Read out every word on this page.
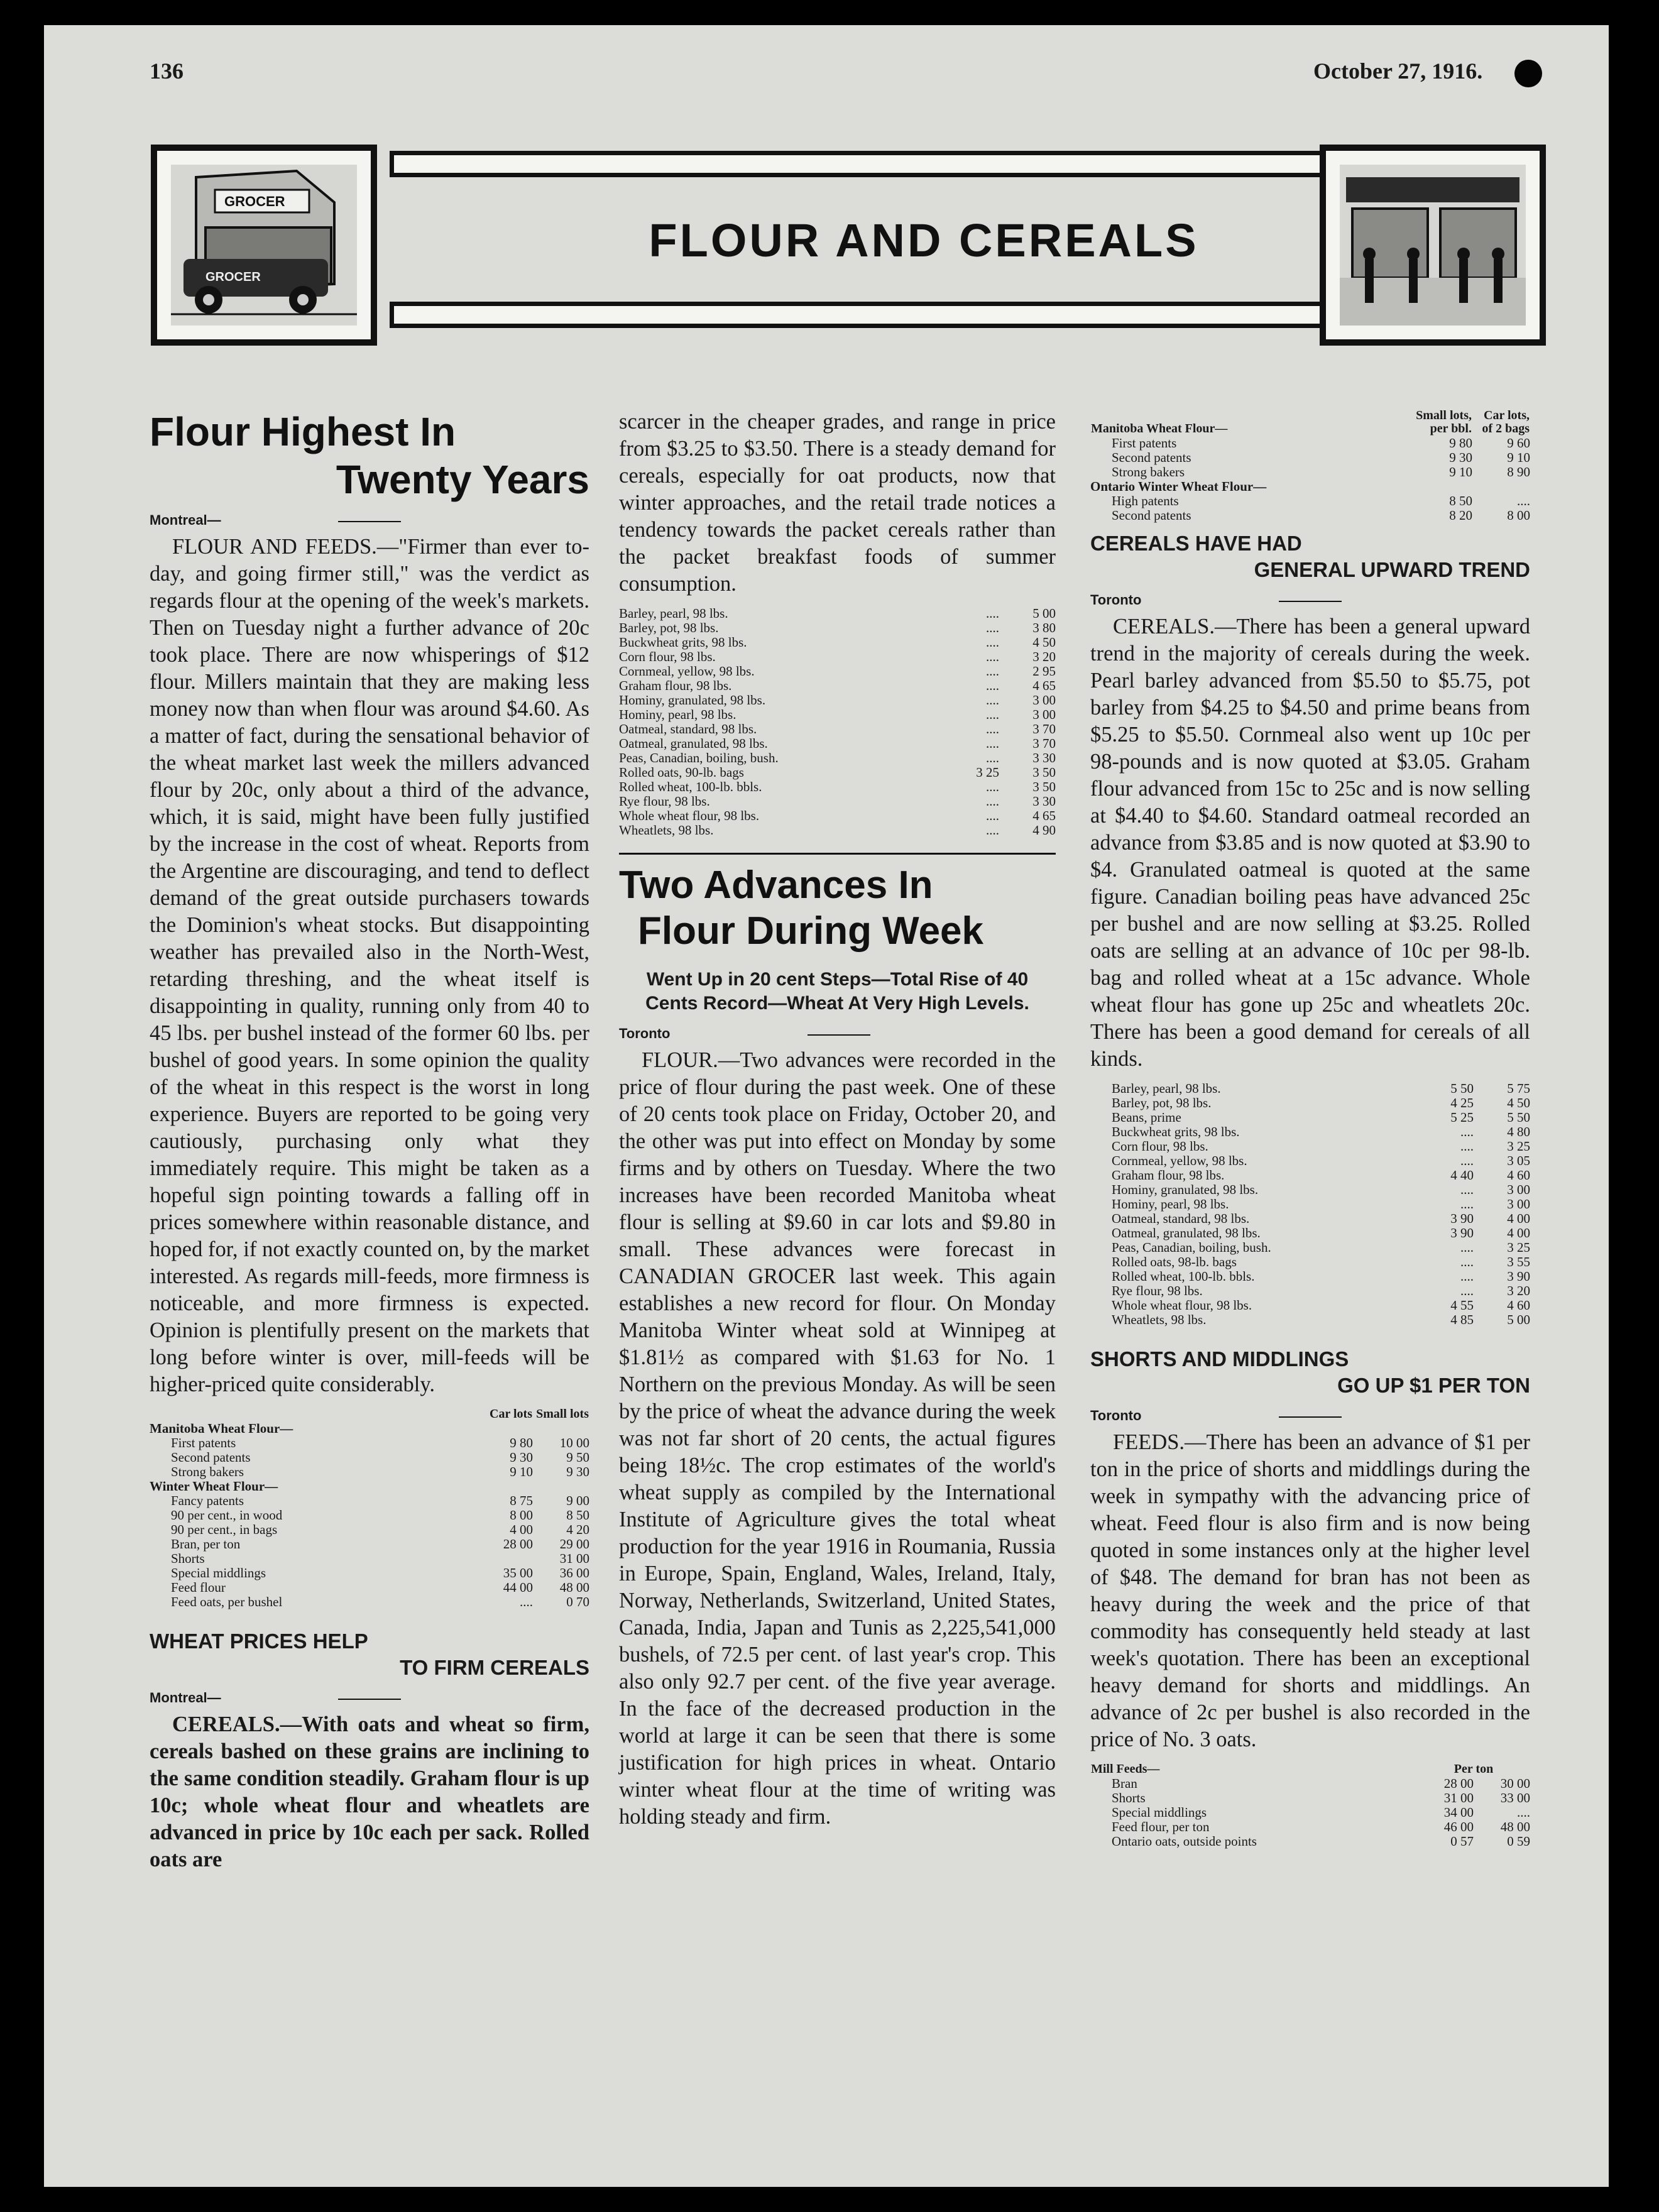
136	October 27, 1916.
GROCER
GROCER
FLOUR AND CEREALS
Flour Highest In

Twenty Years
Montreal—

FLOUR AND FEEDS.—"Firmer than ever to-day, and going firmer still," was the verdict as regards flour at the opening of the week's markets. Then on Tuesday night a further advance of 20c took place. There are now whisperings of $12 flour. Millers maintain that they are making less money now than when flour was around $4.60. As a matter of fact, during the sensational behavior of the wheat market last week the millers advanced flour by 20c, only about a third of the advance, which, it is said, might have been fully justified by the increase in the cost of wheat. Reports from the Argentine are discouraging, and tend to deflect demand of the great outside purchasers towards the Dominion's wheat stocks. But disappointing weather has prevailed also in the North-West, retarding threshing, and the wheat itself is disappointing in quality, running only from 40 to 45 lbs. per bushel instead of the former 60 lbs. per bushel of good years. In some opinion the quality of the wheat in this respect is the worst in long experience. Buyers are reported to be going very cautiously, purchasing only what they immediately require. This might be taken as a hopeful sign pointing towards a falling off in prices somewhere within reasonable distance, and hoped for, if not exactly counted on, by the market interested. As regards mill-feeds, more firmness is noticeable, and more firmness is expected. Opinion is plentifully present on the markets that long before winter is over, mill-feeds will be higher-priced quite considerably.

	Car lots	Small lots
Manitoba Wheat Flour—		
First patents	9 80	10 00
Second patents	9 30	9 50
Strong bakers	9 10	9 30
Winter Wheat Flour—		
Fancy patents	8 75	9 00
90 per cent., in wood	8 00	8 50
90 per cent., in bags	4 00	4 20
Bran, per ton	28 00	29 00
Shorts		31 00
Special middlings	35 00	36 00
Feed flour	44 00	48 00
Feed oats, per bushel	....	0 70
WHEAT PRICES HELP
TO FIRM CEREALS
Montreal—

CEREALS.—With oats and wheat so firm, cereals bashed on these grains are inclining to the same condition steadily. Graham flour is up 10c; whole wheat flour and wheatlets are advanced in price by 10c each per sack. Rolled oats are

scarcer in the cheaper grades, and range in price from $3.25 to $3.50. There is a steady demand for cereals, especially for oat products, now that winter approaches, and the retail trade notices a tendency towards the packet cereals rather than the packet breakfast foods of summer consumption.

Barley, pearl, 98 lbs.	....	5 00
Barley, pot, 98 lbs.	....	3 80
Buckwheat grits, 98 lbs.	....	4 50
Corn flour, 98 lbs.	....	3 20
Cornmeal, yellow, 98 lbs.	....	2 95
Graham flour, 98 lbs.	....	4 65
Hominy, granulated, 98 lbs.	....	3 00
Hominy, pearl, 98 lbs.	....	3 00
Oatmeal, standard, 98 lbs.	....	3 70
Oatmeal, granulated, 98 lbs.	....	3 70
Peas, Canadian, boiling, bush.	....	3 30
Rolled oats, 90-lb. bags	3 25	3 50
Rolled wheat, 100-lb. bbls.	....	3 50
Rye flour, 98 lbs.	....	3 30
Whole wheat flour, 98 lbs.	....	4 65
Wheatlets, 98 lbs.	....	4 90
Two Advances In
Flour During Week
Went Up in 20 cent Steps—Total Rise of 40 Cents Record—Wheat At Very High Levels.
Toronto

FLOUR.—Two advances were recorded in the price of flour during the past week. One of these of 20 cents took place on Friday, October 20, and the other was put into effect on Monday by some firms and by others on Tuesday. Where the two increases have been recorded Manitoba wheat flour is selling at $9.60 in car lots and $9.80 in small. These advances were forecast in CANADIAN GROCER last week. This again establishes a new record for flour. On Monday Manitoba Winter wheat sold at Winnipeg at $1.81½ as compared with $1.63 for No. 1 Northern on the previous Monday. As will be seen by the price of wheat the advance during the week was not far short of 20 cents, the actual figures being 18½c. The crop estimates of the world's wheat supply as compiled by the International Institute of Agriculture gives the total wheat production for the year 1916 in Roumania, Russia in Europe, Spain, England, Wales, Ireland, Italy, Norway, Netherlands, Switzerland, United States, Canada, India, Japan and Tunis as 2,225,541,000 bushels, of 72.5 per cent. of last year's crop. This also only 92.7 per cent. of the five year average. In the face of the decreased production in the world at large it can be seen that there is some justification for high prices in wheat. Ontario winter wheat flour at the time of writing was holding steady and firm.

Manitoba Wheat Flour—	Small lots, per bbl.	Car lots, of 2 bags
First patents	9 80	9 60
Second patents	9 30	9 10
Strong bakers	9 10	8 90
Ontario Winter Wheat Flour—		
High patents	8 50	....
Second patents	8 20	8 00
CEREALS HAVE HAD
GENERAL UPWARD TREND
Toronto

CEREALS.—There has been a general upward trend in the majority of cereals during the week. Pearl barley advanced from $5.50 to $5.75, pot barley from $4.25 to $4.50 and prime beans from $5.25 to $5.50. Cornmeal also went up 10c per 98-pounds and is now quoted at $3.05. Graham flour advanced from 15c to 25c and is now selling at $4.40 to $4.60. Standard oatmeal recorded an advance from $3.85 and is now quoted at $3.90 to $4. Granulated oatmeal is quoted at the same figure. Canadian boiling peas have advanced 25c per bushel and are now selling at $3.25. Rolled oats are selling at an advance of 10c per 98-lb. bag and rolled wheat at a 15c advance. Whole wheat flour has gone up 25c and wheatlets 20c. There has been a good demand for cereals of all kinds.

Barley, pearl, 98 lbs.	5 50	5 75
Barley, pot, 98 lbs.	4 25	4 50
Beans, prime	5 25	5 50
Buckwheat grits, 98 lbs.	....	4 80
Corn flour, 98 lbs.	....	3 25
Cornmeal, yellow, 98 lbs.	....	3 05
Graham flour, 98 lbs.	4 40	4 60
Hominy, granulated, 98 lbs.	....	3 00
Hominy, pearl, 98 lbs.	....	3 00
Oatmeal, standard, 98 lbs.	3 90	4 00
Oatmeal, granulated, 98 lbs.	3 90	4 00
Peas, Canadian, boiling, bush.	....	3 25
Rolled oats, 98-lb. bags	....	3 55
Rolled wheat, 100-lb. bbls.	....	3 90
Rye flour, 98 lbs.	....	3 20
Whole wheat flour, 98 lbs.	4 55	4 60
Wheatlets, 98 lbs.	4 85	5 00
SHORTS AND MIDDLINGS
GO UP $1 PER TON
Toronto

FEEDS.—There has been an advance of $1 per ton in the price of shorts and middlings during the week in sympathy with the advancing price of wheat. Feed flour is also firm and is now being quoted in some instances only at the higher level of $48. The demand for bran has not been as heavy during the week and the price of that commodity has consequently held steady at last week's quotation. There has been an exceptional heavy demand for shorts and middlings. An advance of 2c per bushel is also recorded in the price of No. 3 oats.

Mill Feeds—	Per ton	
Bran	28 00	30 00
Shorts	31 00	33 00
Special middlings	34 00	....
Feed flour, per ton	46 00	48 00
Ontario oats, outside points	0 57	0 59
